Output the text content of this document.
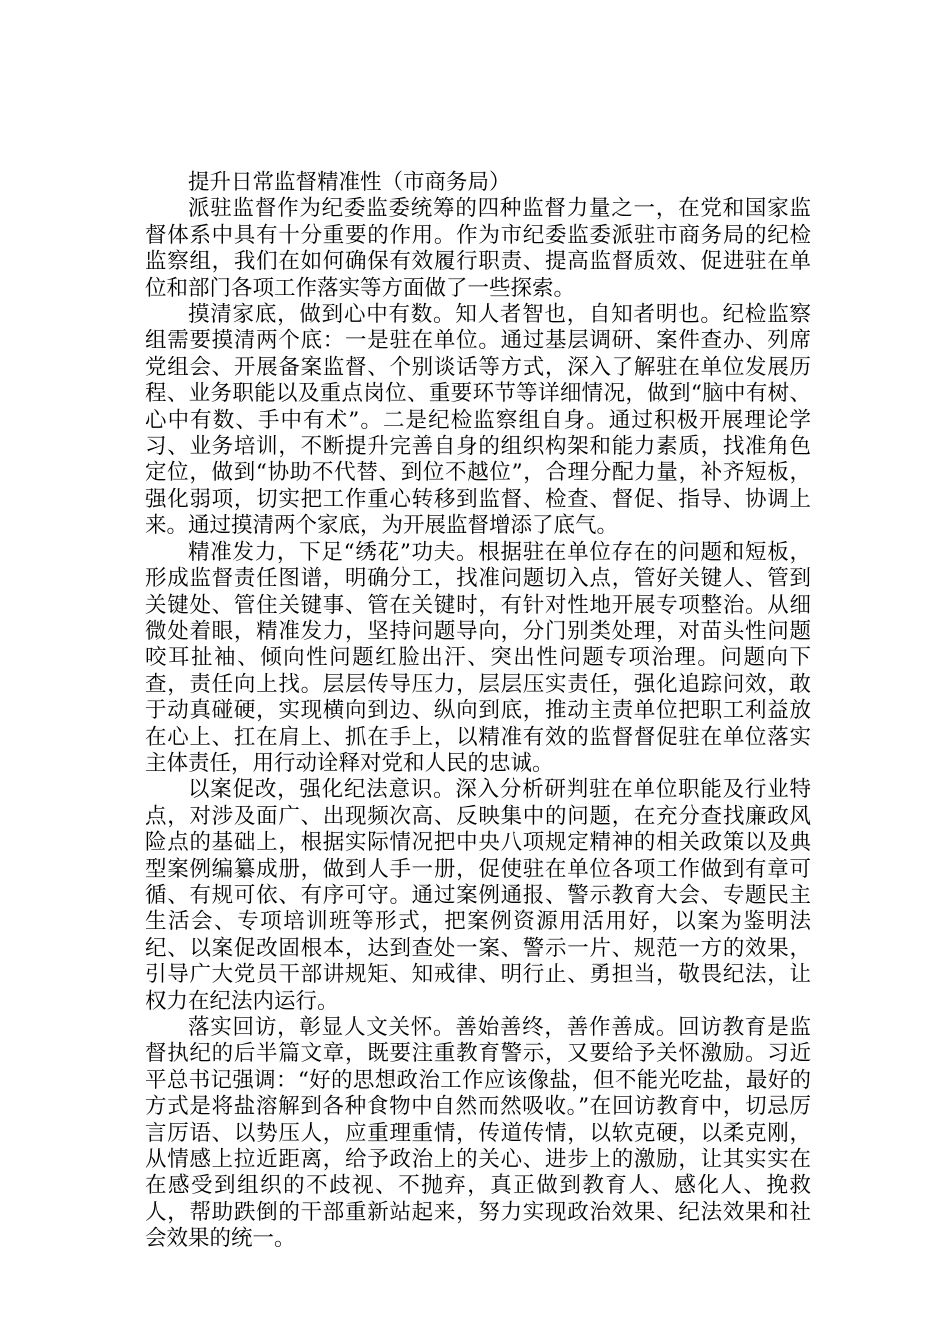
提升日常监督精准性（市商务局）

派驻监督作为纪委监委统筹的四种监督力量之一，在党和国家监督体系中具有十分重要的作用。作为市纪委监委派驻市商务局的纪检监察组，我们在如何确保有效履行职责、提高监督质效、促进驻在单位和部门各项工作落实等方面做了一些探索。

摸清家底，做到心中有数。知人者智也，自知者明也。纪检监察组需要摸清两个底：一是驻在单位。通过基层调研、案件查办、列席党组会、开展备案监督、个别谈话等方式，深入了解驻在单位发展历程、业务职能以及重点岗位、重要环节等详细情况，做到“脑中有树、心中有数、手中有术”。二是纪检监察组自身。通过积极开展理论学习、业务培训，不断提升完善自身的组织构架和能力素质，找准角色定位，做到“协助不代替、到位不越位”，合理分配力量，补齐短板，强化弱项，切实把工作重心转移到监督、检查、督促、指导、协调上来。通过摸清两个家底，为开展监督增添了底气。

精准发力，下足“绣花”功夫。根据驻在单位存在的问题和短板，形成监督责任图谱，明确分工，找准问题切入点，管好关键人、管到关键处、管住关键事、管在关键时，有针对性地开展专项整治。从细微处着眼，精准发力，坚持问题导向，分门别类处理，对苗头性问题咬耳扯袖、倾向性问题红脸出汗、突出性问题专项治理。问题向下查，责任向上找。层层传导压力，层层压实责任，强化追踪问效，敢于动真碰硬，实现横向到边、纵向到底，推动主责单位把职工利益放在心上、扛在肩上、抓在手上，以精准有效的监督督促驻在单位落实主体责任，用行动诠释对党和人民的忠诚。

以案促改，强化纪法意识。深入分析研判驻在单位职能及行业特点，对涉及面广、出现频次高、反映集中的问题，在充分查找廉政风险点的基础上，根据实际情况把中央八项规定精神的相关政策以及典型案例编纂成册，做到人手一册，促使驻在单位各项工作做到有章可循、有规可依、有序可守。通过案例通报、警示教育大会、专题民主生活会、专项培训班等形式，把案例资源用活用好，以案为鉴明法纪、以案促改固根本，达到查处一案、警示一片、规范一方的效果，引导广大党员干部讲规矩、知戒律、明行止、勇担当，敬畏纪法，让权力在纪法内运行。

落实回访，彰显人文关怀。善始善终，善作善成。回访教育是监督执纪的后半篇文章，既要注重教育警示，又要给予关怀激励。习近平总书记强调：“好的思想政治工作应该像盐，但不能光吃盐，最好的方式是将盐溶解到各种食物中自然而然吸收。”在回访教育中，切忌厉言厉语、以势压人，应重理重情，传道传情，以软克硬，以柔克刚，从情感上拉近距离，给予政治上的关心、进步上的激励，让其实实在在感受到组织的不歧视、不抛弃，真正做到教育人、感化人、挽救人，帮助跌倒的干部重新站起来，努力实现政治效果、纪法效果和社会效果的统一。
